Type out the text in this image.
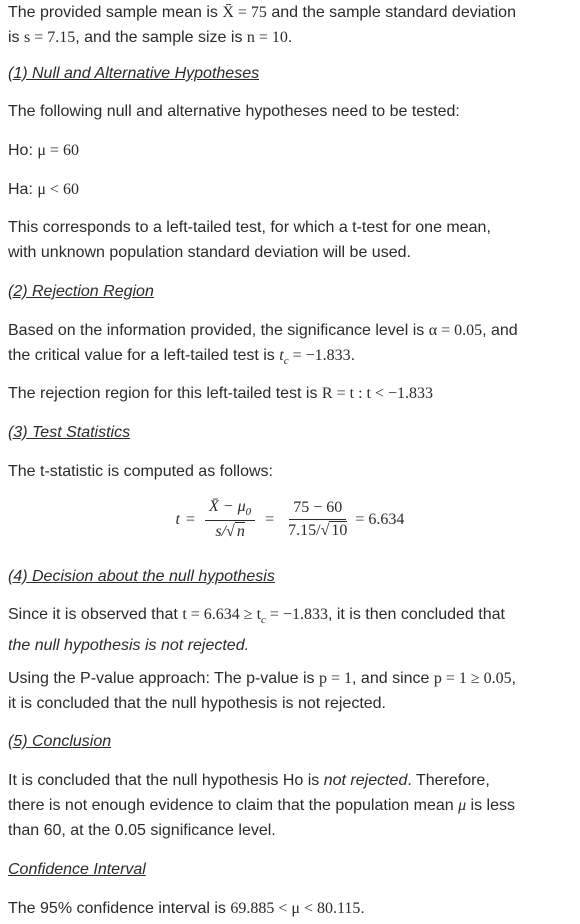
The provided sample mean is X̄ = 75 and the sample standard deviation

is s = 7.15, and the sample size is n = 10.

(1) Null and Alternative Hypotheses

The following null and alternative hypotheses need to be tested:

Ho: μ = 60

Ha: μ < 60

This corresponds to a left-tailed test, for which a t-test for one mean,

with unknown population standard deviation will be used.

(2) Rejection Region

Based on the information provided, the significance level is α = 0.05, and

the critical value for a left-tailed test is $t_c = -1.833$.

The rejection region for this left-tailed test is R = t : t < −1.833

(3) Test Statistics

The t-statistic is computed as follows:

$t = \frac{X̄ - \mu_0}{s/√ n} = \frac{75 - 60}{7.15/√ 10} = 6.634$

(4) Decision about the null hypothesis

Since it is observed that $t = 6.634 \ge t_c = -1.833$, it is then concluded that

the null hypothesis is not rejected.

Using the P-value approach: The p-value is p = 1, and since p = 1 ≥ 0.05,

it is concluded that the null hypothesis is not rejected.

(5) Conclusion

It is concluded that the null hypothesis Ho is not rejected. Therefore,

there is not enough evidence to claim that the population mean μ is less

than 60, at the 0.05 significance level.

Confidence Interval

The 95% confidence interval is 69.885 < μ < 80.115.
